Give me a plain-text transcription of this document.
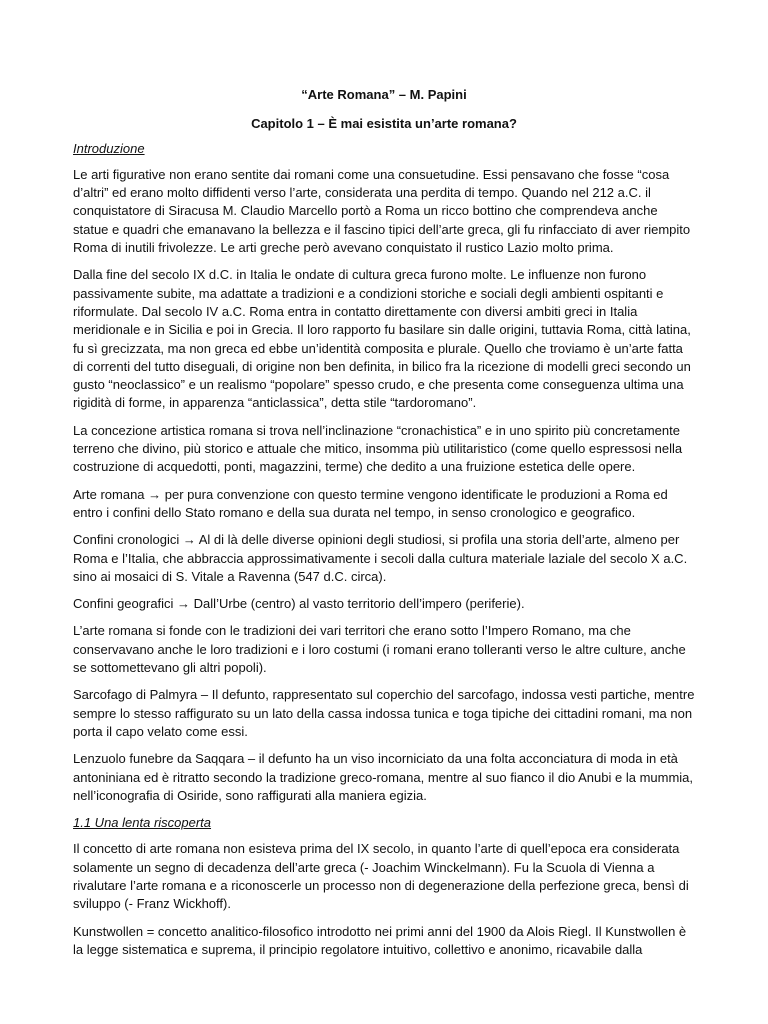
“Arte Romana” – M. Papini

Capitolo 1 – È mai esistita un’arte romana?

Introduzione

Le arti figurative non erano sentite dai romani come una consuetudine. Essi pensavano che fosse “cosa d’altri” ed erano molto diffidenti verso l’arte, considerata una perdita di tempo. Quando nel 212 a.C. il conquistatore di Siracusa M. Claudio Marcello portò a Roma un ricco bottino che comprendeva anche statue e quadri che emanavano la bellezza e il fascino tipici dell’arte greca, gli fu rinfacciato di aver riempito Roma di inutili frivolezze. Le arti greche però avevano conquistato il rustico Lazio molto prima.

Dalla fine del secolo IX d.C. in Italia le ondate di cultura greca furono molte. Le influenze non furono passivamente subite, ma adattate a tradizioni e a condizioni storiche e sociali degli ambienti ospitanti e riformulate. Dal secolo IV a.C. Roma entra in contatto direttamente con diversi ambiti greci in Italia meridionale e in Sicilia e poi in Grecia. Il loro rapporto fu basilare sin dalle origini, tuttavia Roma, città latina, fu sì grecizzata, ma non greca ed ebbe un’identità composita e plurale. Quello che troviamo è un’arte fatta di correnti del tutto diseguali, di origine non ben definita, in bilico fra la ricezione di modelli greci secondo un gusto “neoclassico” e un realismo “popolare” spesso crudo, e che presenta come conseguenza ultima una rigidità di forme, in apparenza “anticlassica”, detta stile “tardoromano”.

La concezione artistica romana si trova nell’inclinazione “cronachistica” e in uno spirito più concretamente terreno che divino, più storico e attuale che mitico, insomma più utilitaristico (come quello espressosi nella costruzione di acquedotti, ponti, magazzini, terme) che dedito a una fruizione estetica delle opere.

Arte romana → per pura convenzione con questo termine vengono identificate le produzioni a Roma ed entro i confini dello Stato romano e della sua durata nel tempo, in senso cronologico e geografico.

Confini cronologici → Al di là delle diverse opinioni degli studiosi, si profila una storia dell’arte, almeno per Roma e l’Italia, che abbraccia approssimativamente i secoli dalla cultura materiale laziale del secolo X a.C. sino ai mosaici di S. Vitale a Ravenna (547 d.C. circa).

Confini geografici → Dall’Urbe (centro) al vasto territorio dell’impero (periferie).

L’arte romana si fonde con le tradizioni dei vari territori che erano sotto l’Impero Romano, ma che conservavano anche le loro tradizioni e i loro costumi (i romani erano tolleranti verso le altre culture, anche se sottomettevano gli altri popoli).

Sarcofago di Palmyra – Il defunto, rappresentato sul coperchio del sarcofago, indossa vesti partiche, mentre sempre lo stesso raffigurato su un lato della cassa indossa tunica e toga tipiche dei cittadini romani, ma non porta il capo velato come essi.

Lenzuolo funebre da Saqqara – il defunto ha un viso incorniciato da una folta acconciatura di moda in età antoniniana ed è ritratto secondo la tradizione greco-romana, mentre al suo fianco il dio Anubi e la mummia, nell’iconografia di Osiride, sono raffigurati alla maniera egizia.

1.1 Una lenta riscoperta

Il concetto di arte romana non esisteva prima del IX secolo, in quanto l’arte di quell’epoca era considerata solamente un segno di decadenza dell’arte greca (- Joachim Winckelmann). Fu la Scuola di Vienna a rivalutare l’arte romana e a riconoscerle un processo non di degenerazione della perfezione greca, bensì di sviluppo (- Franz Wickhoff).

Kunstwollen = concetto analitico-filosofico introdotto nei primi anni del 1900 da Alois Riegl. Il Kunstwollen è la legge sistematica e suprema, il principio regolatore intuitivo, collettivo e anonimo, ricavabile dalla
